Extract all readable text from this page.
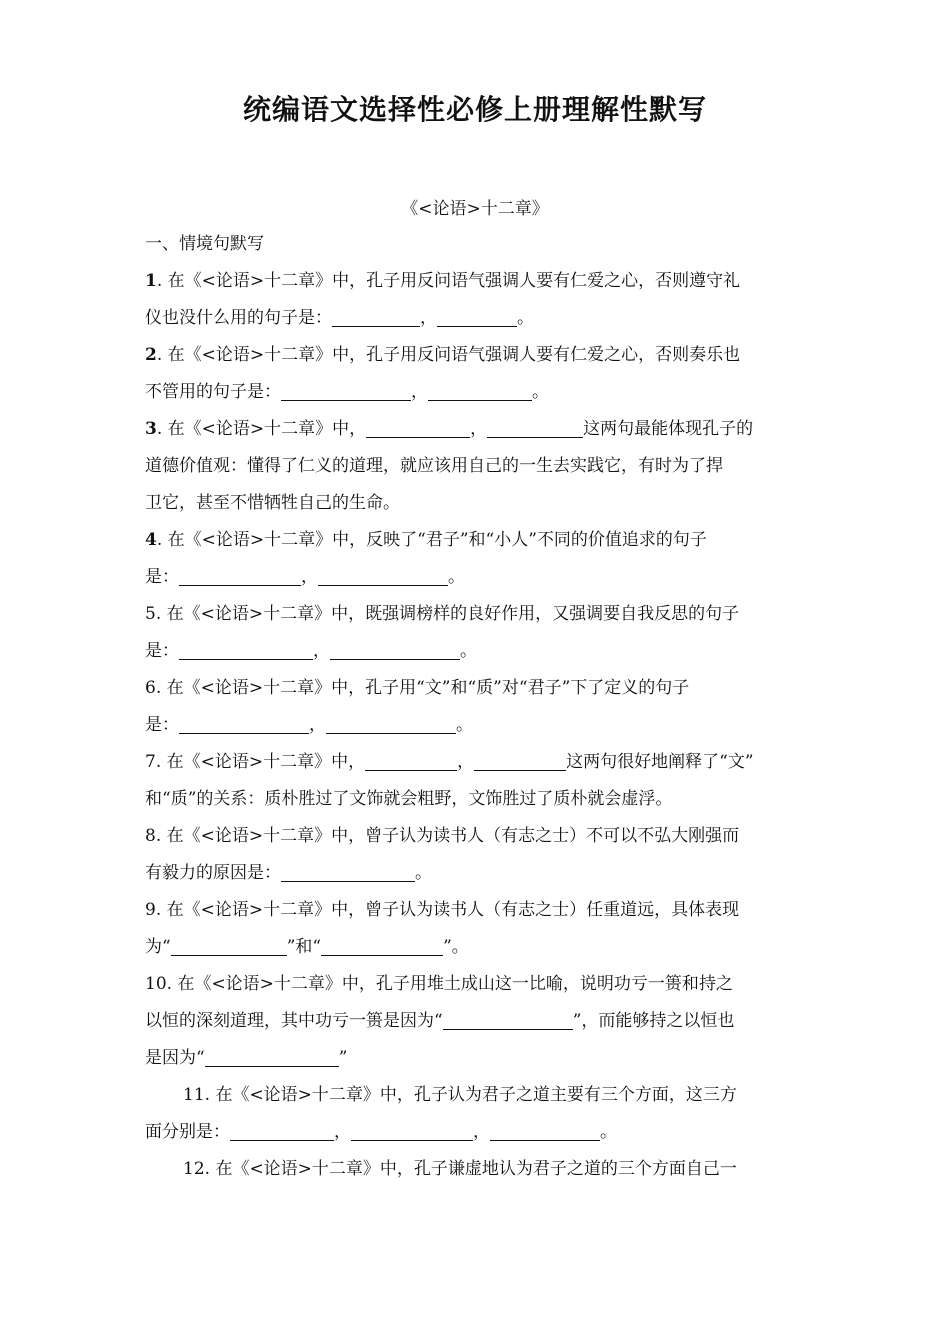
统编语文选择性必修上册理解性默写
《<论语>十二章》
一、情境句默写
1. 在《<论语>十二章》中，孔子用反问语气强调人要有仁爱之心，否则遵守礼
仪也没什么用的句子是：	，	。
2. 在《<论语>十二章》中，孔子用反问语气强调人要有仁爱之心，否则奏乐也
不管用的句子是：	，	。
3. 在《<论语>十二章》中，	，	这两句最能体现孔子的
道德价值观：懂得了仁义的道理，就应该用自己的一生去实践它，有时为了捍
卫它，甚至不惜牺牲自己的生命。
4. 在《<论语>十二章》中，反映了“君子”和“小人”不同的价值追求的句子
是：	，	。
5. 在《<论语>十二章》中，既强调榜样的良好作用，又强调要自我反思的句子
是：	，	。
6. 在《<论语>十二章》中，孔子用“文”和“质”对“君子”下了定义的句子
是：	，	。
7. 在《<论语>十二章》中，	，	这两句很好地阐释了“文”
和“质”的关系：质朴胜过了文饰就会粗野，文饰胜过了质朴就会虚浮。
8. 在《<论语>十二章》中，曾子认为读书人（有志之士）不可以不弘大刚强而
有毅力的原因是：	。
9. 在《<论语>十二章》中，曾子认为读书人（有志之士）任重道远，具体表现
为“	”和“	”。
10. 在《<论语>十二章》中，孔子用堆土成山这一比喻，说明功亏一篑和持之
以恒的深刻道理，其中功亏一篑是因为“	”，而能够持之以恒也
是因为“	”
11. 在《<论语>十二章》中，孔子认为君子之道主要有三个方面，这三方
面分别是：	，	，	。
12. 在《<论语>十二章》中，孔子谦虚地认为君子之道的三个方面自己一
